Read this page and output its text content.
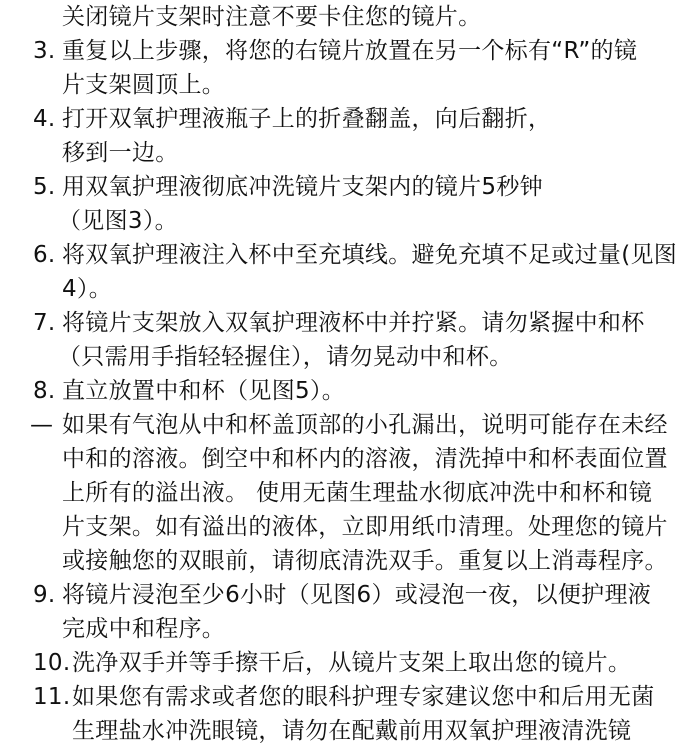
关闭镜片支架时注意不要卡住您的镜片。
3. 重复以上步骤，将您的右镜片放置在另一个标有“R”的镜
片支架圆顶上。
4. 打开双氧护理液瓶子上的折叠翻盖，向后翻折，
移到一边。
5. 用双氧护理液彻底冲洗镜片支架内的镜片5秒钟
（见图3）。
6. 将双氧护理液注入杯中至充填线。避免充填不足或过量(见图
4）。
7. 将镜片支架放入双氧护理液杯中并拧紧。请勿紧握中和杯
（只需用手指轻轻握住），请勿晃动中和杯。
8. 直立放置中和杯（见图5）。
— 如果有气泡从中和杯盖顶部的小孔漏出，说明可能存在未经
中和的溶液。倒空中和杯内的溶液，清洗掉中和杯表面位置
上所有的溢出液。 使用无菌生理盐水彻底冲洗中和杯和镜
片支架。如有溢出的液体，立即用纸巾清理。处理您的镜片
或接触您的双眼前，请彻底清洗双手。重复以上消毒程序。
9. 将镜片浸泡至少6小时（见图6）或浸泡一夜，以便护理液
完成中和程序。
10. 洗净双手并等手擦干后，从镜片支架上取出您的镜片。
11. 如果您有需求或者您的眼科护理专家建议您中和后用无菌
生理盐水冲洗眼镜，请勿在配戴前用双氧护理液清洗镜
